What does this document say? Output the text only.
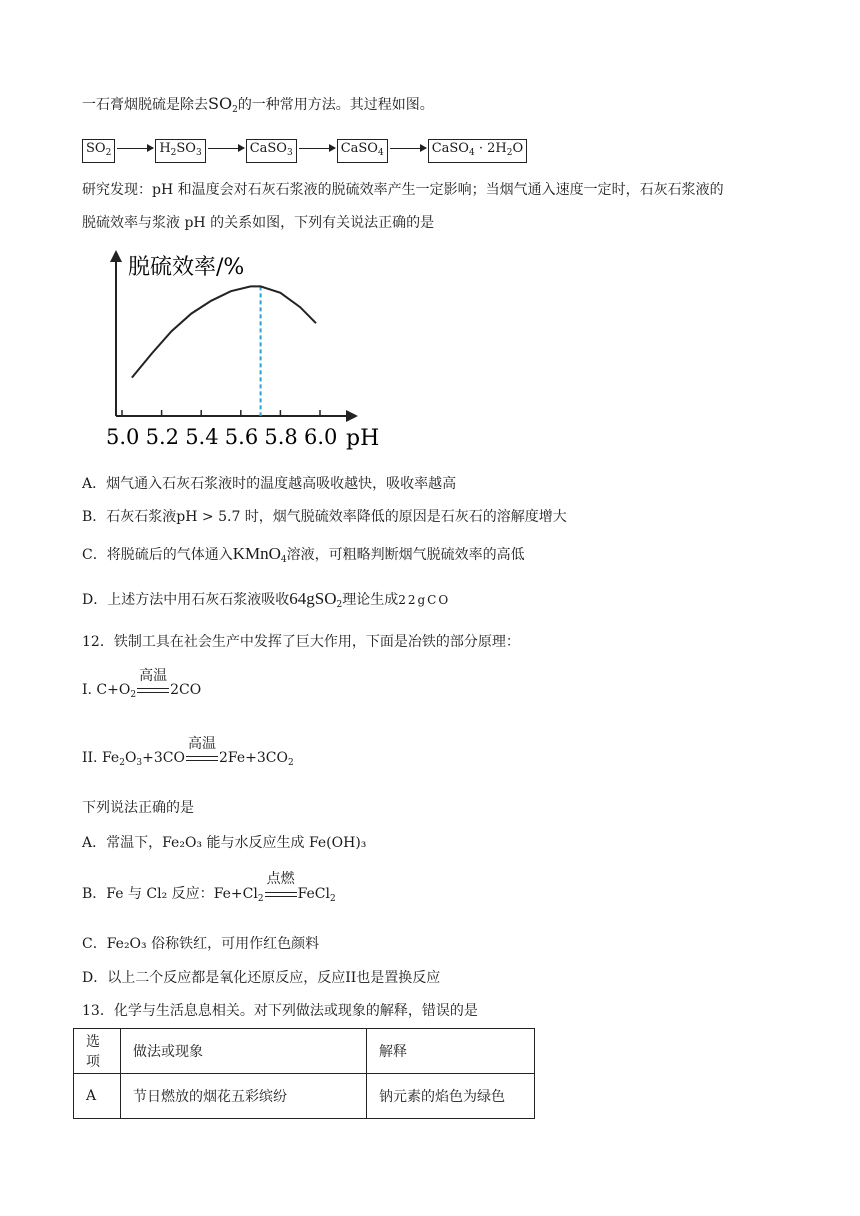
一石膏烟脱硫是除去$SO_2$的一种常用方法。其过程如图。
$SO_2$	$H_2SO_3$	CaSO$_3$	CaSO$_4$	CaSO$_4$ · $2H_2O$
研究发现：pH 和温度会对石灰石浆液的脱硫效率产生一定影响；当烟气通入速度一定时，石灰石浆液的
脱硫效率与浆液 pH 的关系如图，下列有关说法正确的是
脱硫效率/%
pH
5.0 5.2 5.4 5.6 5.8 6.0
A．烟气通入石灰石浆液时的温度越高吸收越快，吸收率越高
B．石灰石浆液pH > 5.7 时，烟气脱硫效率降低的原因是石灰石的溶解度增大
C．将脱硫后的气体通入KMnO$_4$溶液，可粗略判断烟气脱硫效率的高低
D．上述方法中用石灰石浆液吸收64gSO$_2$理论生成22gCO
12．铁制工具在社会生产中发挥了巨大作用，下面是冶铁的部分原理：
I. $C+O_2$
高温
2CO
II. $Fe_2O_3+3CO$
高温
$2Fe+3CO_2$
下列说法正确的是
A．常温下，Fe₂O₃ 能与水反应生成 Fe(OH)₃
B．Fe 与 Cl₂ 反应：$Fe+Cl_2$
点燃
FeCl$_2$
C．Fe₂O₃ 俗称铁红，可用作红色颜料
D．以上二个反应都是氧化还原反应，反应II也是置换反应
13．化学与生活息息相关。对下列做法或现象的解释，错误的是
选项	做法或现象	解释
A	节日燃放的烟花五彩缤纷	钠元素的焰色为绿色
